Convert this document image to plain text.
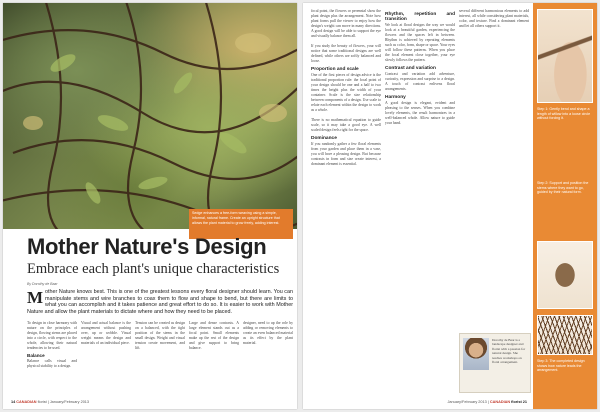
Sedge enhances a free-form weaving using a simple, informal, natural frame. Create an upright structure that allows the plant material to grow freely, adding interest.
Mother Nature's Design
Embrace each plant's unique characteristics
By Dorothy de Baar
M other Nature knows best. This is one of the greatest lessons every floral designer should learn. You can manipulate stems and wire branches to coax them to flow and shape to bend, but there are limits to what you can accomplish and it takes patience and great effort to do so. It is easier to work with Mother Nature and allow the plant materials to dictate where and how they need to be placed.
To design in close harmony with nature on the principles of design, flowing stems are placed into a circle, with respect to the whole, allowing their natural tendencies to be used.
Balance
Balance calls visual and physical stability to a design.
Visual and actual balance is the arrangement without pushing over, up or wobble. Visual weight means the design and materials of an individual piece.
Tension can be created as design on a balanced, with the tight position of the stems in the small design. Weight and visual tension create movement, and lift.
Large and dense contrasts. A large element stands out as a focal point. Small elements make up the rest of the design and give support to bring balance.
designer, need to up the role by adding or removing elements to create an even balanced material as its effect by the plant material.
14 CANADIAN florist | January/February 2013
focal point, the flowers or perennial show the plant design plus the arrangement. Note how plant forms pull the viewer to enjoy how the design's weight can move in many directions. A good design will be able to support the eye and visually balance them all.

If you study the beauty of flowers, your will notice that some traditional designs are well defined, while others are softly balanced and loose.
Proportion and scale
One of the first pieces of design advice is the traditional proportion rule: the focal point of your design should be one and a half to two times the height plus the width of your container. Scale is the size relationship between components of a design. Use scale to relate each element within the design to work as a whole.

There is no mathematical equation to guide scale, so it may take a good eye. A well scaled design feels right for the space.
Dominance
If you randomly gather a few floral elements from your garden and place them in a vase, you will have a pleasing design. But because contrasts in form and size create interest, a dominant element is essential.
Rhythm, repetition and transition
We look at floral designs the way we would look at a beautiful garden, experiencing the flowers and the spaces left in between. Rhythm is achieved by repeating elements such as color, form, shape or space. Your eyes will follow these patterns. When you place the focal element close together, your eye slowly follows the pattern.
Contrast and variation
Contrast and variation add adventure, curiosity, expression and surprise to a design. A touch of contrast enlivens floral arrangements.
Harmony
A good design is elegant, evident and pleasing to the senses. When you combine lovely elements, the result harmonizes in a well-balanced whole. Allow nature to guide your hand.
several different harmonious elements to add interest, all while considering plant materials, color, and texture. Find a dominant element and let all others support it.
Dorothy de Baar is a landscape designer and florist with a passion for natural design. She teaches workshops on floral arrangement.
Step 1: Gently bend and shape a length of willow into a loose circle without forcing it.
Step 2: Support and position the stems where they want to go, guided by their natural form.
Step 3: The completed design shows how nature leads the arrangement.
January/February 2013 | CANADIAN florist 21
